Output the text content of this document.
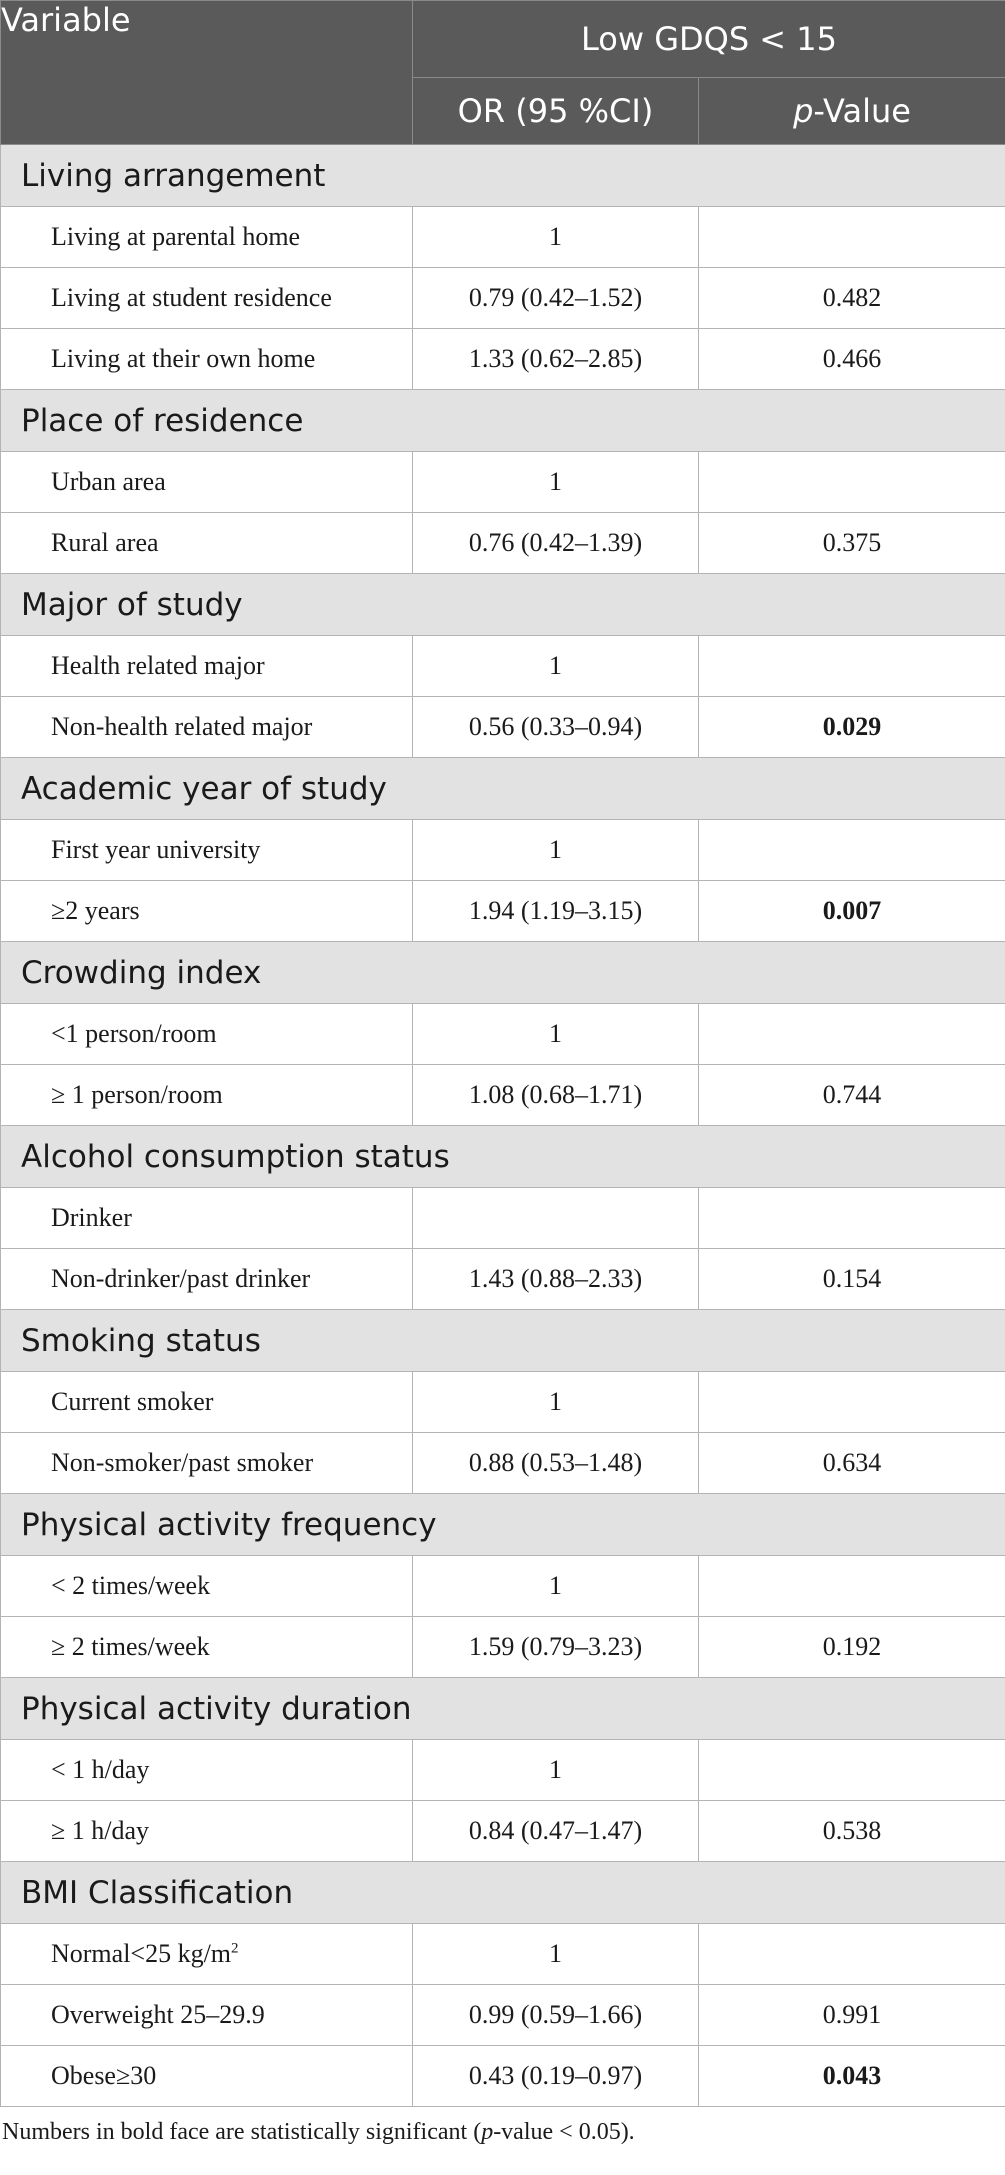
Variable	Low GDQS < 15	
	OR (95 %CI)	p-Value
Living arrangement		
Living at parental home	1	
Living at student residence	0.79 (0.42–1.52)	0.482
Living at their own home	1.33 (0.62–2.85)	0.466
Place of residence		
Urban area	1	
Rural area	0.76 (0.42–1.39)	0.375
Major of study		
Health related major	1	
Non-health related major	0.56 (0.33–0.94)	0.029
Academic year of study		
First year university	1	
≥2 years	1.94 (1.19–3.15)	0.007
Crowding index		
<1 person/room	1	
≥ 1 person/room	1.08 (0.68–1.71)	0.744
Alcohol consumption status		
Drinker		
Non-drinker/past drinker	1.43 (0.88–2.33)	0.154
Smoking status		
Current smoker	1	
Non-smoker/past smoker	0.88 (0.53–1.48)	0.634
Physical activity frequency		
< 2 times/week	1	
≥ 2 times/week	1.59 (0.79–3.23)	0.192
Physical activity duration		
< 1 h/day	1	
≥ 1 h/day	0.84 (0.47–1.47)	0.538
BMI Classification		
Normal<25 $kg/m^2$	1	
Overweight 25–29.9	0.99 (0.59–1.66)	0.991
Obese≥30	0.43 (0.19–0.97)	0.043
Numbers in bold face are statistically significant (p-value < 0.05).
